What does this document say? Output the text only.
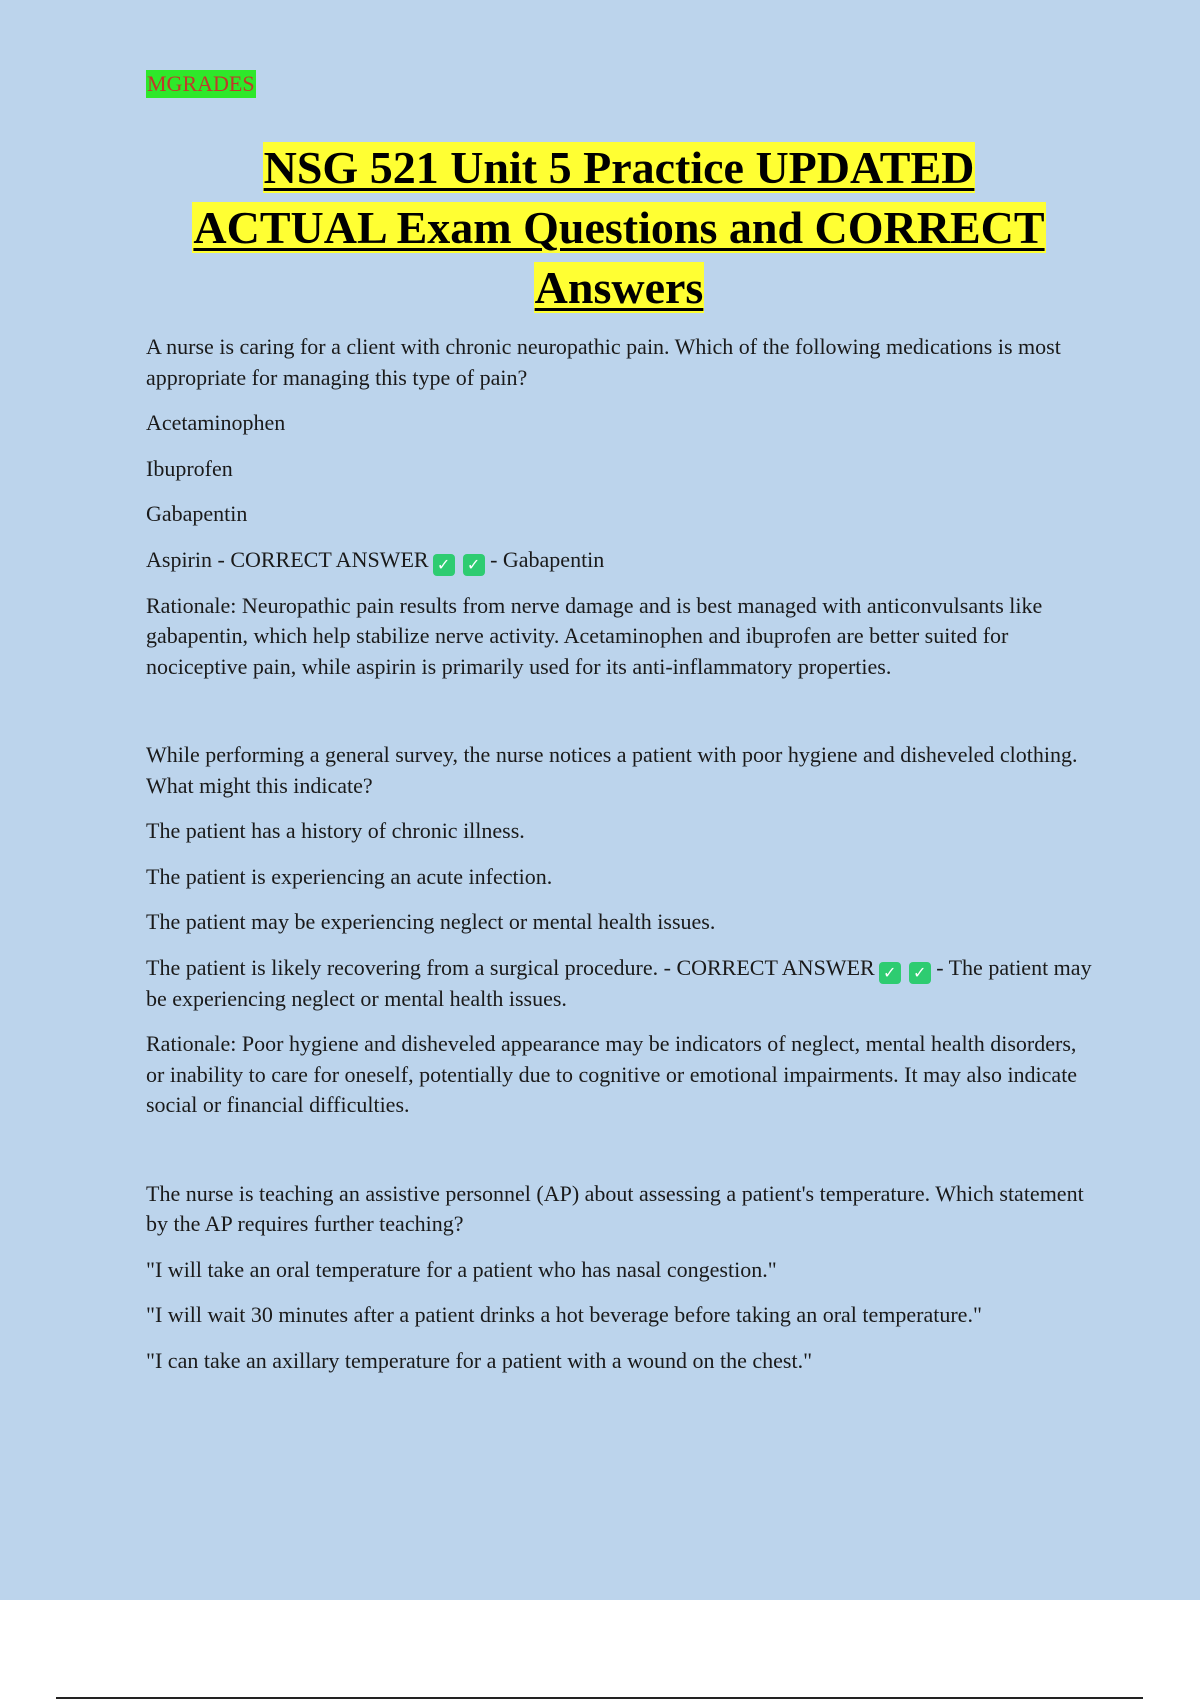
MGRADES
NSG 521 Unit 5 Practice UPDATED
ACTUAL Exam Questions and CORRECT
Answers

A nurse is caring for a client with chronic neuropathic pain. Which of the following medications is most appropriate for managing this type of pain?

Acetaminophen

Ibuprofen

Gabapentin

Aspirin - CORRECT ANSWER ✓ ✓ - Gabapentin

Rationale: Neuropathic pain results from nerve damage and is best managed with anticonvulsants like gabapentin, which help stabilize nerve activity. Acetaminophen and ibuprofen are better suited for nociceptive pain, while aspirin is primarily used for its anti-inflammatory properties.

While performing a general survey, the nurse notices a patient with poor hygiene and disheveled clothing. What might this indicate?

The patient has a history of chronic illness.

The patient is experiencing an acute infection.

The patient may be experiencing neglect or mental health issues.

The patient is likely recovering from a surgical procedure. - CORRECT ANSWER ✓ ✓ - The patient may be experiencing neglect or mental health issues.

Rationale: Poor hygiene and disheveled appearance may be indicators of neglect, mental health disorders, or inability to care for oneself, potentially due to cognitive or emotional impairments. It may also indicate social or financial difficulties.

The nurse is teaching an assistive personnel (AP) about assessing a patient's temperature. Which statement by the AP requires further teaching?

"I will take an oral temperature for a patient who has nasal congestion."

"I will wait 30 minutes after a patient drinks a hot beverage before taking an oral temperature."

"I can take an axillary temperature for a patient with a wound on the chest."
